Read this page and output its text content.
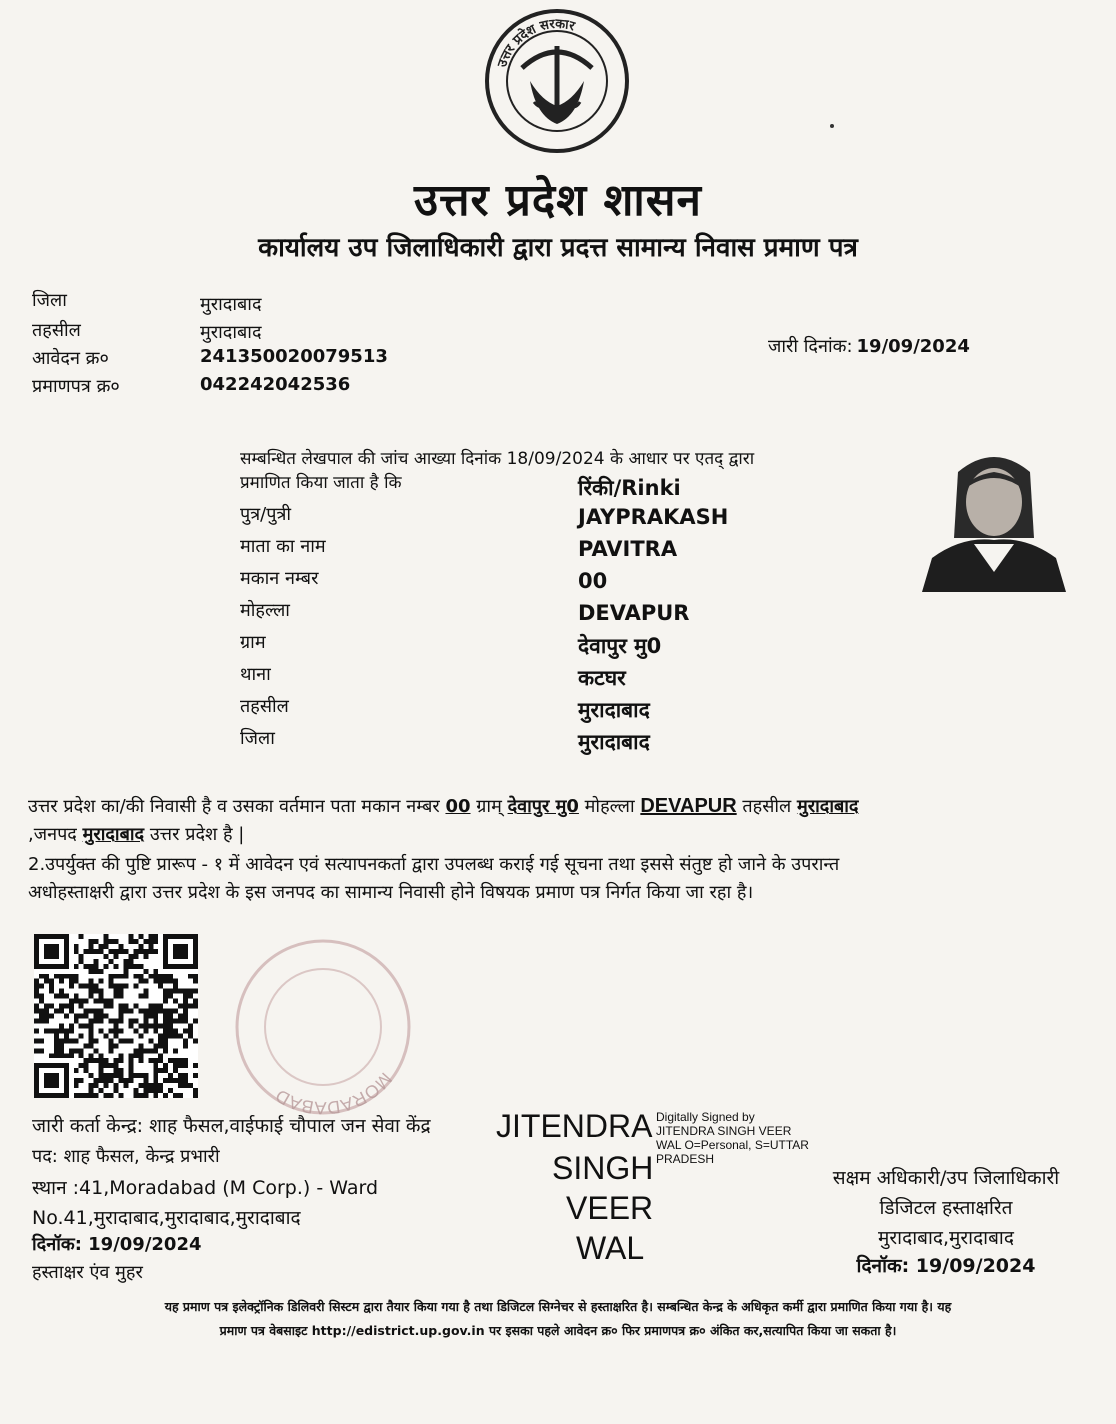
उत्तर प्रदेश सरकार
उत्तर प्रदेश शासन
कार्यालय उप जिलाधिकारी द्वारा प्रदत्त सामान्य निवास प्रमाण पत्र
जिला	मुरादाबाद
तहसील	मुरादाबाद
आवेदन क्र०	241350020079513
प्रमाणपत्र क्र०	042242042536
जारी दिनांक: 19/09/2024
सम्बन्धित लेखपाल की जांच आख्या दिनांक 18/09/2024 के आधार पर एतद् द्वारा
प्रमाणित किया जाता है कि	रिंकी/Rinki
पुत्र/पुत्री	JAYPRAKASH
माता का नाम	PAVITRA
मकान नम्बर	00
मोहल्ला	DEVAPUR
ग्राम	देवापुर मु0
थाना	कटघर
तहसील	मुरादाबाद
जिला	मुरादाबाद
उत्तर प्रदेश का/की निवासी है व उसका वर्तमान पता मकान नम्बर 00 ग्राम् देवापुर मु0 मोहल्ला DEVAPUR तहसील मुरादाबाद
,जनपद मुरादाबाद उत्तर प्रदेश है |
2.उपर्युक्त की पुष्टि प्रारूप - १ में आवेदन एवं सत्यापनकर्ता द्वारा उपलब्ध कराई गई सूचना तथा इससे संतुष्ट हो जाने के उपरान्त
अधोहस्ताक्षरी द्वारा उत्तर प्रदेश के इस जनपद का सामान्य निवासी होने विषयक प्रमाण पत्र निर्गत किया जा रहा है।
MORADABAD
जारी कर्ता केन्द्र: शाह फैसल,वाईफाई चौपाल जन सेवा केंद्र
पद: शाह फैसल, केन्द्र प्रभारी
स्थान :41,Moradabad (M Corp.) - Ward
No.41,मुरादाबाद,मुरादाबाद,मुरादाबाद
दिनॉक: 19/09/2024
हस्ताक्षर एंव मुहर
JITENDRA
SINGH
VEER
WAL
Digitally Signed by JITENDRA SINGH VEER WAL O=Personal, S=UTTAR PRADESH
सक्षम अधिकारी/उप जिलाधिकारी
डिजिटल हस्ताक्षरित
मुरादाबाद,मुरादाबाद
दिनॉक: 19/09/2024
यह प्रमाण पत्र इलेक्ट्रॉनिक डिलिवरी सिस्टम द्वारा तैयार किया गया है तथा डिजिटल सिग्नेचर से हस्ताक्षरित है। सम्बन्धित केन्द्र के अधिकृत कर्मी द्वारा प्रमाणित किया गया है। यह
प्रमाण पत्र वेबसाइट http://edistrict.up.gov.in पर इसका पहले आवेदन क्र० फिर प्रमाणपत्र क्र० अंकित कर,सत्यापित किया जा सकता है।
